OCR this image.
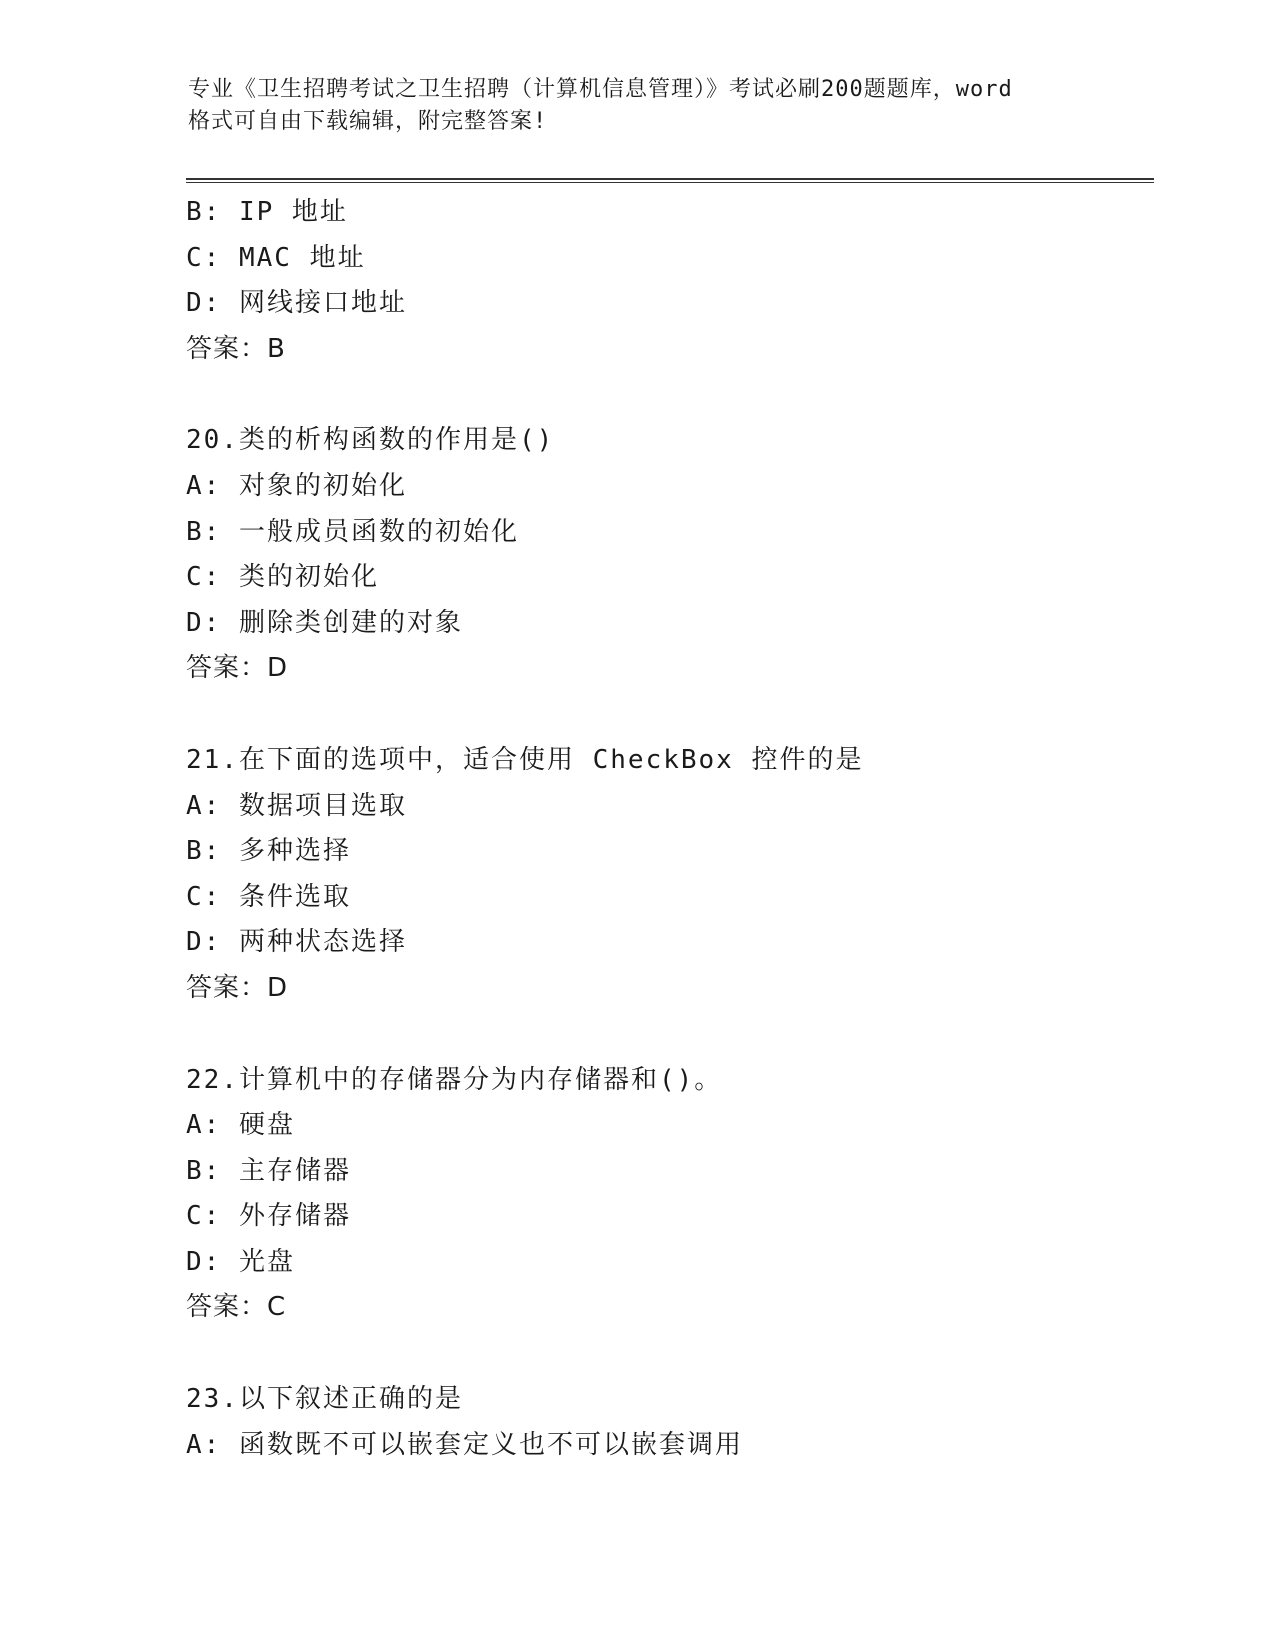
专业《卫生招聘考试之卫生招聘（计算机信息管理）》考试必刷200题题库，word
格式可自由下载编辑，附完整答案!
B: IP 地址
C: MAC 地址
D: 网线接口地址
答案：B
20.类的析构函数的作用是()
A: 对象的初始化
B: 一般成员函数的初始化
C: 类的初始化
D: 删除类创建的对象
答案：D
21.在下面的选项中，适合使用 CheckBox 控件的是
A: 数据项目选取
B: 多种选择
C: 条件选取
D: 两种状态选择
答案：D
22.计算机中的存储器分为内存储器和()。
A: 硬盘
B: 主存储器
C: 外存储器
D: 光盘
答案：C
23.以下叙述正确的是
A: 函数既不可以嵌套定义也不可以嵌套调用
